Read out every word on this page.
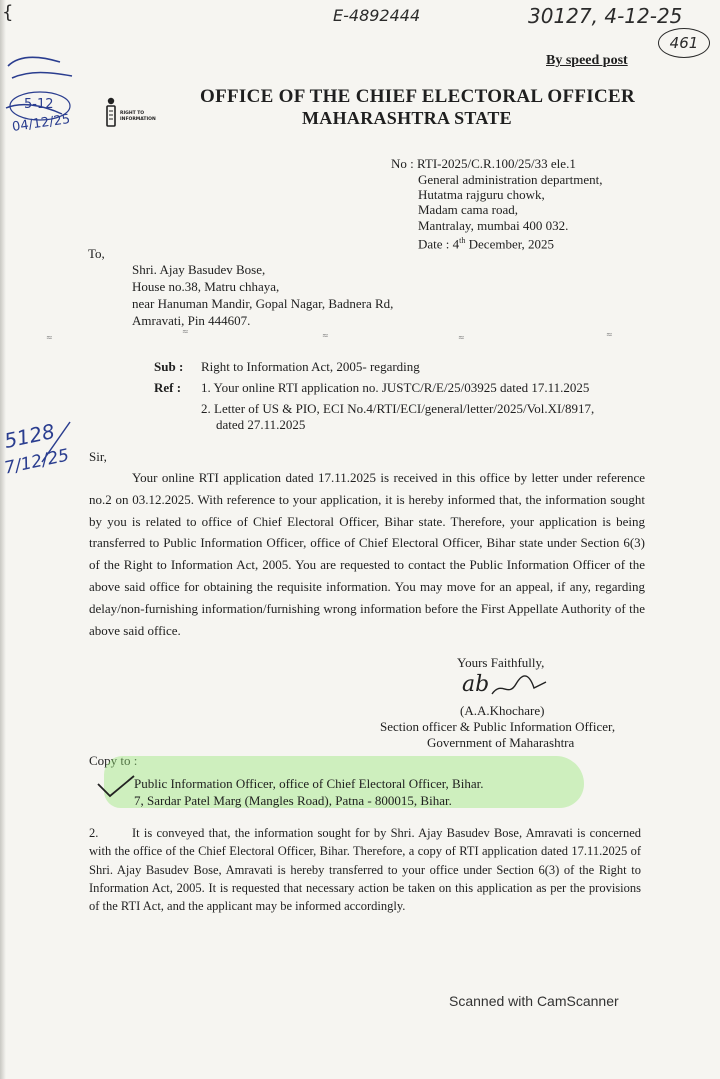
{	E-4892444	30127, 4-12-25
461
5-12
04/12/25
5128
7/12/25
By speed post
RIGHT TO
INFORMATION
OFFICE OF THE CHIEF ELECTORAL OFFICER
MAHARASHTRA STATE
No : RTI-2025/C.R.100/25/33 ele.1
General administration department,
Hutatma rajguru chowk,
Madam cama road,
Mantralay, mumbai 400 032.
Date : 4th December, 2025
To,
Shri. Ajay Basudev Bose,
House no.38, Matru chhaya,
near Hanuman Mandir, Gopal Nagar, Badnera Rd,
Amravati, Pin 444607.
≈
≈	≈	≈	≈
Sub : Right to Information Act, 2005- regarding
Ref : 1. Your online RTI application no. JUSTC/R/E/25/03925 dated 17.11.2025
2. Letter of US & PIO, ECI No.4/RTI/ECI/general/letter/2025/Vol.XI/8917,
dated 27.11.2025
Sir,
Your online RTI application dated 17.11.2025 is received in this office by letter under reference no.2 on 03.12.2025. With reference to your application, it is hereby informed that, the information sought by you is related to office of Chief Electoral Officer, Bihar state. Therefore, your application is being transferred to Public Information Officer, office of Chief Electoral Officer, Bihar state under Section 6(3) of the Right to Information Act, 2005. You are requested to contact the Public Information Officer of the above said office for obtaining the requisite information. You may move for an appeal, if any, regarding delay/non-furnishing information/furnishing wrong information before the First Appellate Authority of the above said office.
Yours Faithfully,
ab
(A.A.Khochare)
Section officer & Public Information Officer,
Government of Maharashtra
Copy to :
Public Information Officer, office of Chief Electoral Officer, Bihar.
7, Sardar Patel Marg (Mangles Road), Patna - 800015, Bihar.
2.	It is conveyed that, the information sought for by Shri. Ajay Basudev Bose, Amravati is concerned with the office of the Chief Electoral Officer, Bihar. Therefore, a copy of RTI application dated 17.11.2025 of Shri. Ajay Basudev Bose, Amravati is hereby transferred to your office under Section 6(3) of the Right to Information Act, 2005. It is requested that necessary action be taken on this application as per the provisions of the RTI Act, and the applicant may be informed accordingly.
Scanned with CamScanner
